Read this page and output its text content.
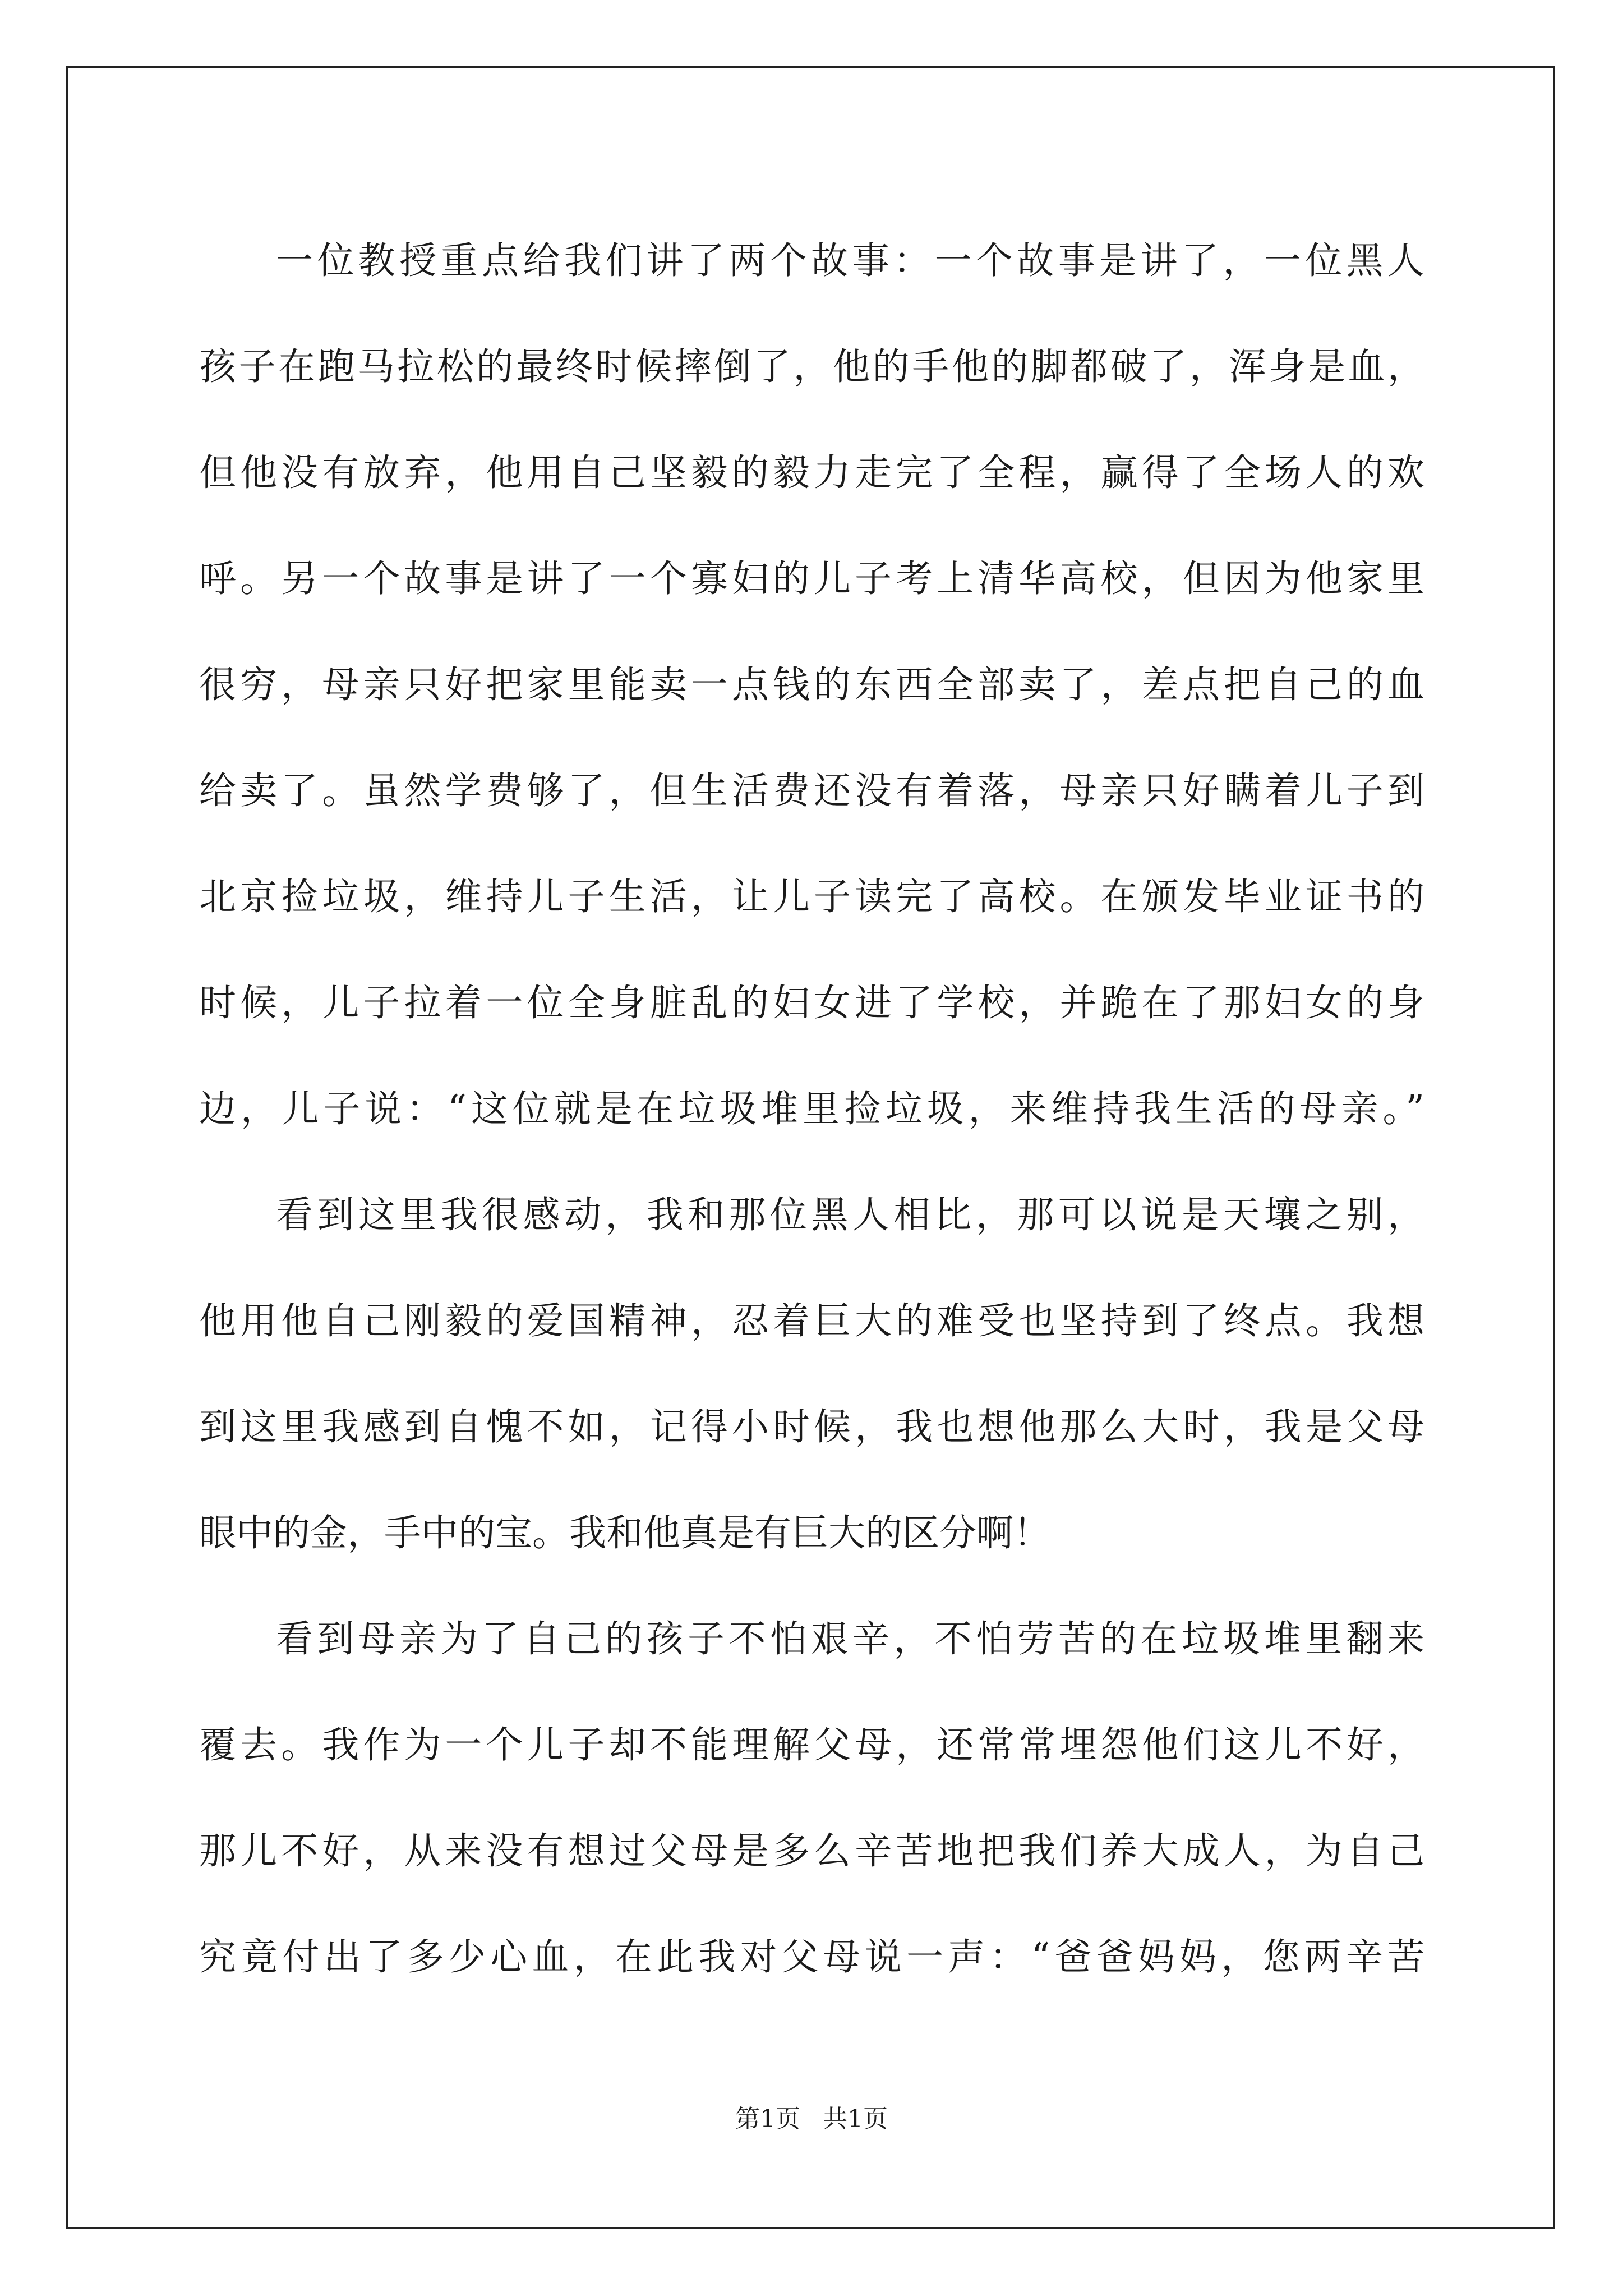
一位教授重点给我们讲了两个故事：一个故事是讲了，一位黑人
孩子在跑马拉松的最终时候摔倒了，他的手他的脚都破了，浑身是血，
但他没有放弃，他用自己坚毅的毅力走完了全程，赢得了全场人的欢
呼。另一个故事是讲了一个寡妇的儿子考上清华高校，但因为他家里
很穷，母亲只好把家里能卖一点钱的东西全部卖了，差点把自己的血
给卖了。虽然学费够了，但生活费还没有着落，母亲只好瞒着儿子到
北京捡垃圾，维持儿子生活，让儿子读完了高校。在颁发毕业证书的
时候，儿子拉着一位全身脏乱的妇女进了学校，并跪在了那妇女的身
边，儿子说：“这位就是在垃圾堆里捡垃圾，来维持我生活的母亲。”
看到这里我很感动，我和那位黑人相比，那可以说是天壤之别，
他用他自己刚毅的爱国精神，忍着巨大的难受也坚持到了终点。我想
到这里我感到自愧不如，记得小时候，我也想他那么大时，我是父母
眼中的金，手中的宝。我和他真是有巨大的区分啊！
看到母亲为了自己的孩子不怕艰辛，不怕劳苦的在垃圾堆里翻来
覆去。我作为一个儿子却不能理解父母，还常常埋怨他们这儿不好，
那儿不好，从来没有想过父母是多么辛苦地把我们养大成人，为自己
究竟付出了多少心血，在此我对父母说一声：“爸爸妈妈，您两辛苦
第1页 共1页
